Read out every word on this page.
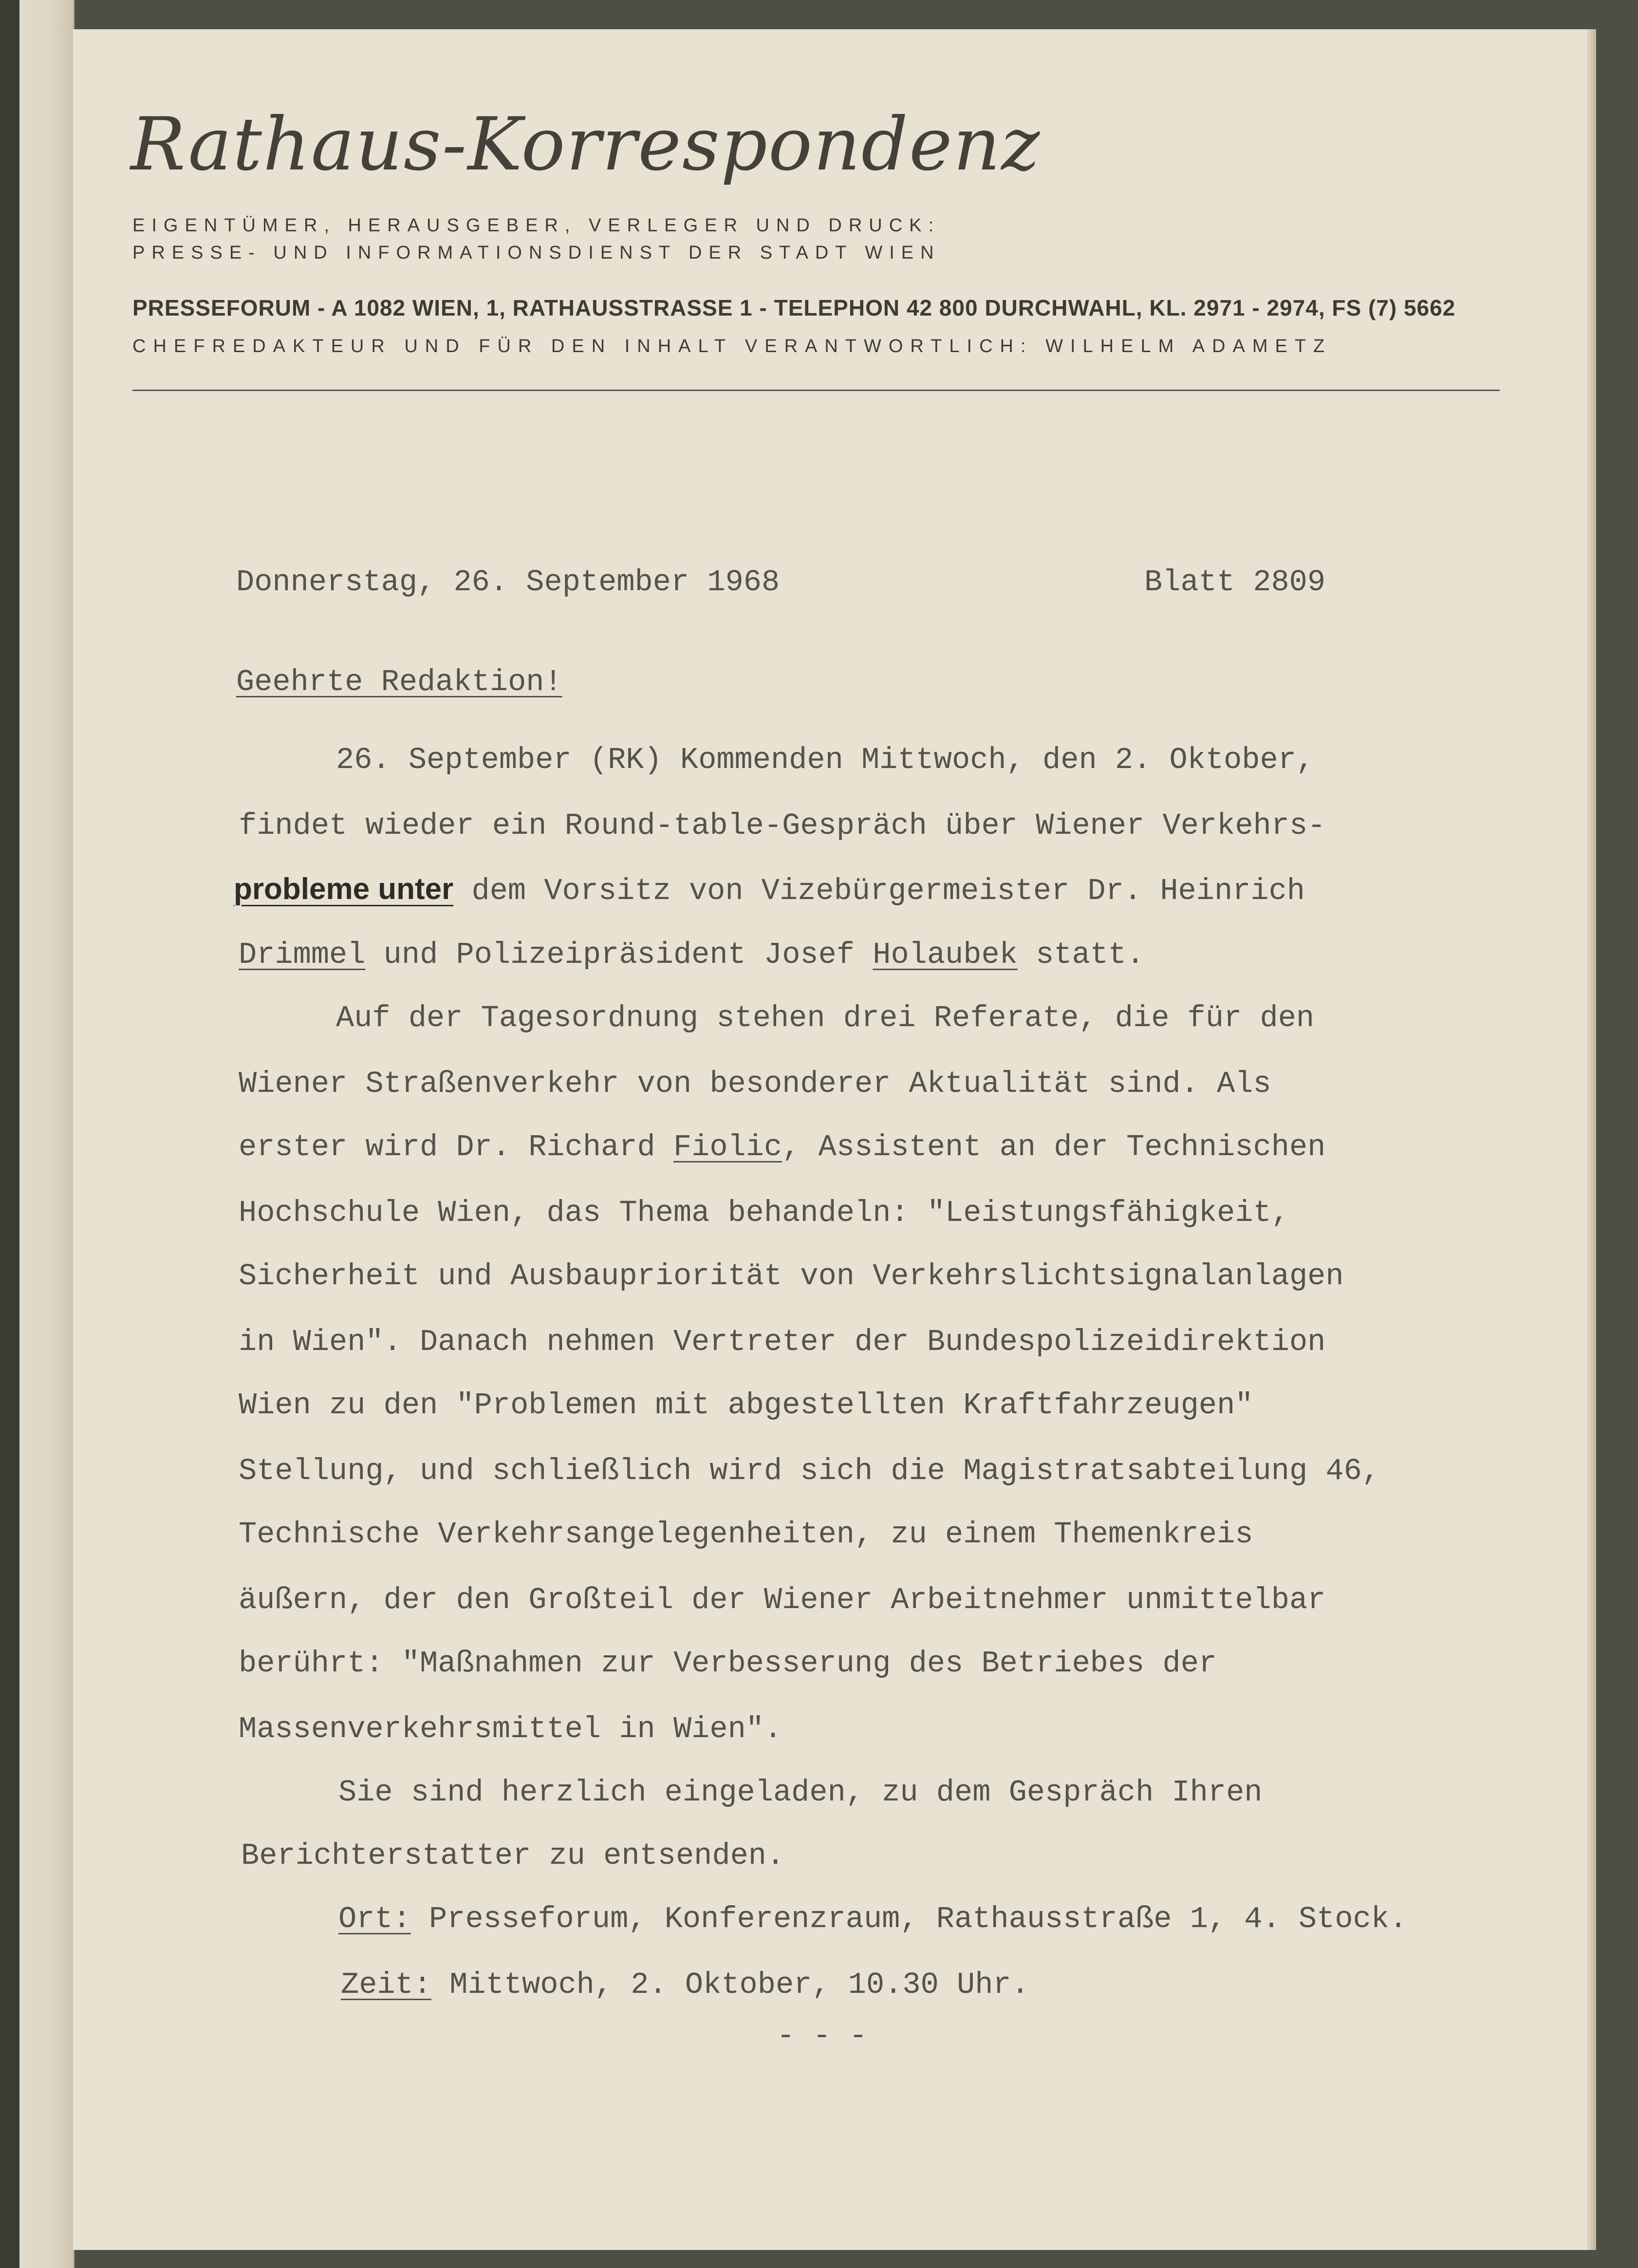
Rathaus-Korrespondenz
EIGENTÜMER, HERAUSGEBER, VERLEGER UND DRUCK:
PRESSE- UND INFORMATIONSDIENST DER STADT WIEN
PRESSEFORUM - A 1082 WIEN, 1, RATHAUSSTRASSE 1 - TELEPHON 42 800 DURCHWAHL, KL. 2971 - 2974, FS (7) 5662
CHEFREDAKTEUR UND FÜR DEN INHALT VERANTWORTLICH: WILHELM ADAMETZ
Donnerstag, 26. September 1968	Blatt 2809
Geehrte Redaktion!
26. September (RK) Kommenden Mittwoch, den 2. Oktober,
findet wieder ein Round-table-Gespräch über Wiener Verkehrs-
probleme unter dem Vorsitz von Vizebürgermeister Dr. Heinrich
Drimmel und Polizeipräsident Josef Holaubek statt.
Auf der Tagesordnung stehen drei Referate, die für den
Wiener Straßenverkehr von besonderer Aktualität sind. Als
erster wird Dr. Richard Fiolic, Assistent an der Technischen
Hochschule Wien, das Thema behandeln: "Leistungsfähigkeit,
Sicherheit und Ausbaupriorität von Verkehrslichtsignalanlagen
in Wien". Danach nehmen Vertreter der Bundespolizeidirektion
Wien zu den "Problemen mit abgestellten Kraftfahrzeugen"
Stellung, und schließlich wird sich die Magistratsabteilung 46,
Technische Verkehrsangelegenheiten, zu einem Themenkreis
äußern, der den Großteil der Wiener Arbeitnehmer unmittelbar
berührt: "Maßnahmen zur Verbesserung des Betriebes der
Massenverkehrsmittel in Wien".
Sie sind herzlich eingeladen, zu dem Gespräch Ihren
Berichterstatter zu entsenden.
Ort: Presseforum, Konferenzraum, Rathausstraße 1, 4. Stock.
Zeit: Mittwoch, 2. Oktober, 10.30 Uhr.
- - -
